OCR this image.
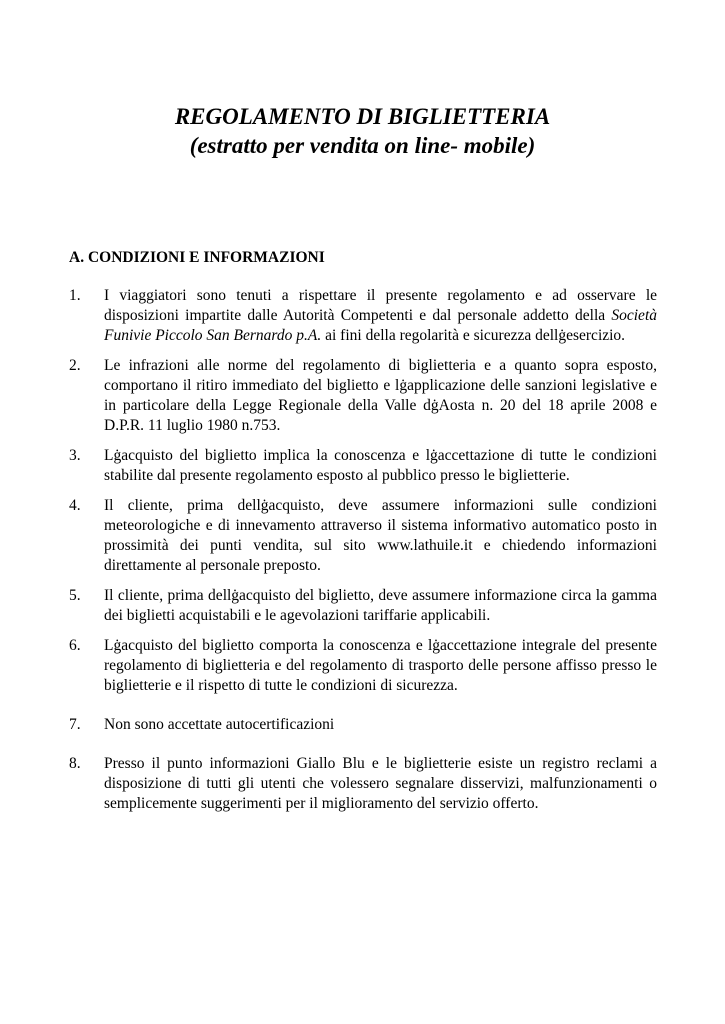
REGOLAMENTO DI BIGLIETTERIA
(estratto per vendita on line- mobile)
A. CONDIZIONI E INFORMAZIONI
1. I viaggiatori sono tenuti a rispettare il presente regolamento e ad osservare le disposizioni impartite dalle Autorità Competenti e dal personale addetto della Società Funivie Piccolo San Bernardo p.A. ai fini della regolarità e sicurezza dellġesercizio.
2. Le infrazioni alle norme del regolamento di biglietteria e a quanto sopra esposto, comportano il ritiro immediato del biglietto e lġapplicazione delle sanzioni legislative e in particolare della Legge Regionale della Valle dġAosta n. 20 del 18 aprile 2008 e D.P.R. 11 luglio 1980 n.753.
3. Lġacquisto del biglietto implica la conoscenza e lġaccettazione di tutte le condizioni stabilite dal presente regolamento esposto al pubblico presso le biglietterie.
4. Il cliente, prima dellġacquisto, deve assumere informazioni sulle condizioni meteorologiche e di innevamento attraverso il sistema informativo automatico posto in prossimità dei punti vendita, sul sito www.lathuile.it e chiedendo informazioni direttamente al personale preposto.
5. Il cliente, prima dellġacquisto del biglietto, deve assumere informazione circa la gamma dei biglietti acquistabili e le agevolazioni tariffarie applicabili.
6. Lġacquisto del biglietto comporta la conoscenza e lġaccettazione integrale del presente regolamento di biglietteria e del regolamento di trasporto delle persone affisso presso le biglietterie e il rispetto di tutte le condizioni di sicurezza.
7. Non sono accettate autocertificazioni
8. Presso il punto informazioni Giallo Blu e le biglietterie esiste un registro reclami a disposizione di tutti gli utenti che volessero segnalare disservizi, malfunzionamenti o semplicemente suggerimenti per il miglioramento del servizio offerto.
